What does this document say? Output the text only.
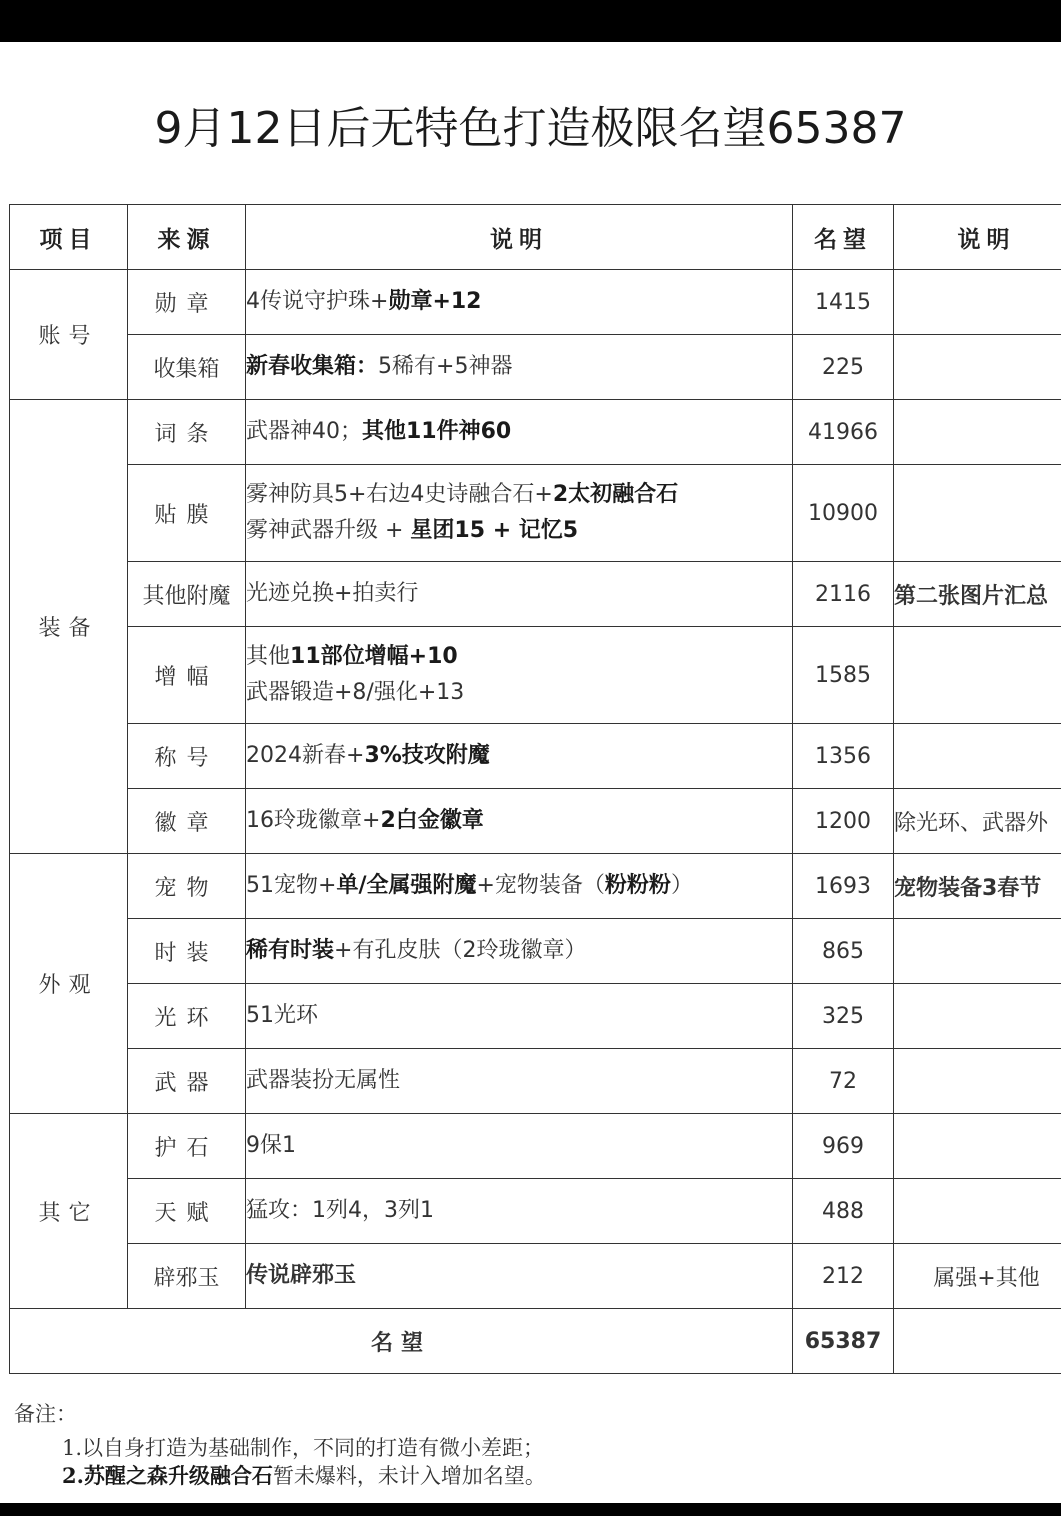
9月12日后无特色打造极限名望65387
项目	来源	说明	名望	说明
账号	勋章	4传说守护珠+勋章+12	1415	
	收集箱	新春收集箱：5稀有+5神器	225	
装备	词条	武器神40；其他11件神60	41966	
	贴膜	雾神防具5+右边4史诗融合石+2太初融合石
雾神武器升级 + 星团15 + 记忆5	10900	
	其他附魔	光迹兑换+拍卖行	2116	第二张图片汇总
	增幅	其他11部位增幅+10
武器锻造+8/强化+13	1585	
	称号	2024新春+3%技攻附魔	1356	
	徽章	16玲珑徽章+2白金徽章	1200	除光环、武器外
外观	宠物	51宠物+单/全属强附魔+宠物装备（粉粉粉）	1693	宠物装备3春节
	时装	稀有时装+有孔皮肤（2玲珑徽章）	865	
	光环	51光环	325	
	武器	武器装扮无属性	72	
其它	护石	9保1	969	
	天赋	猛攻：1列4，3列1	488	
	辟邪玉	传说辟邪玉	212	属强+其他
名望			65387	
备注：
1.以自身打造为基础制作，不同的打造有微小差距；
2.苏醒之森升级融合石暂未爆料，未计入增加名望。
